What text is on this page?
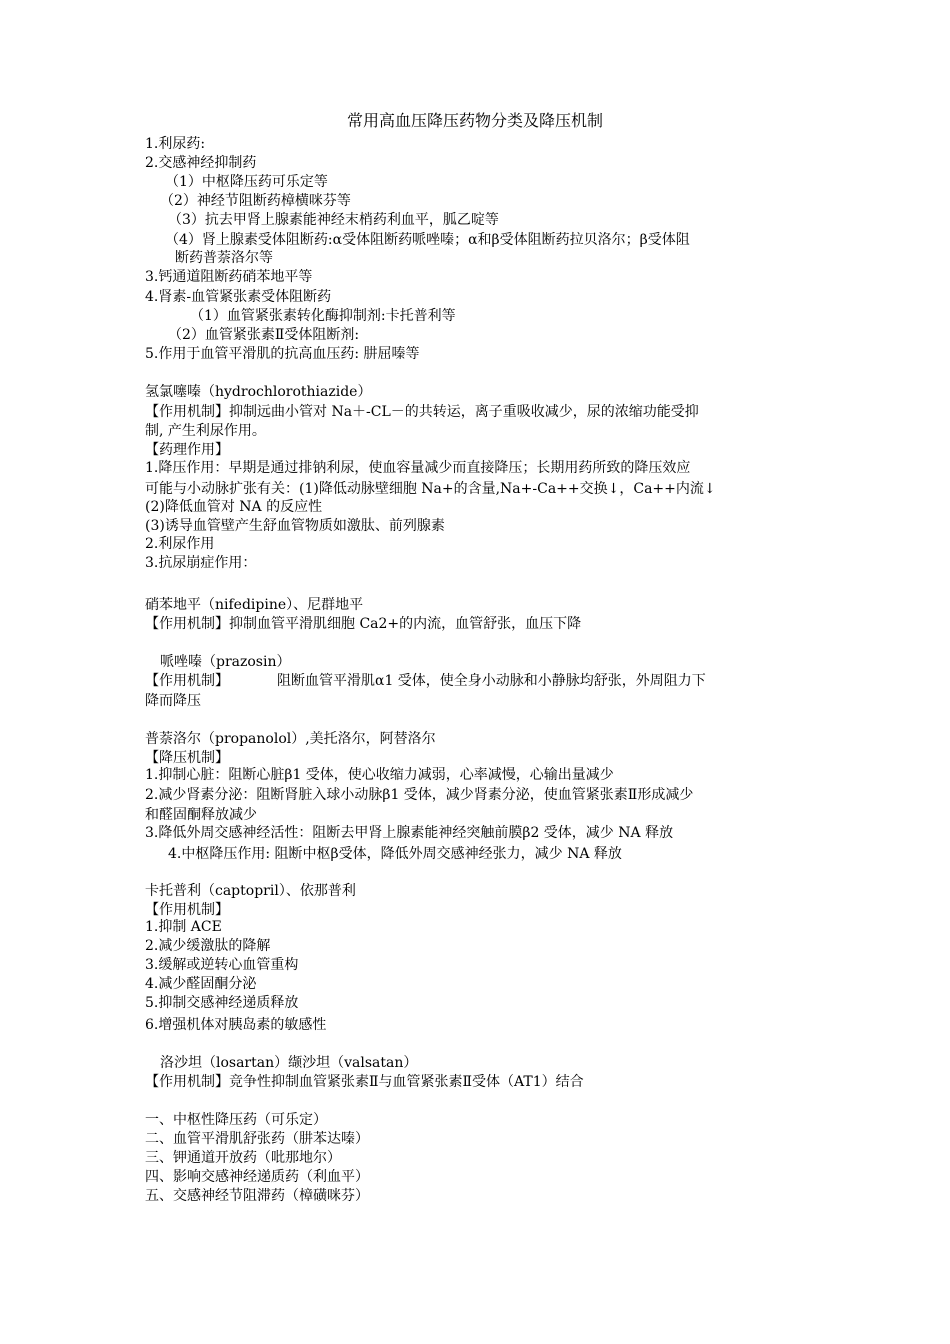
常用高血压降压药物分类及降压机制
1.利尿药:
2.交感神经抑制药
（1）中枢降压药可乐定等
（2）神经节阻断药樟横咪芬等
（3）抗去甲肾上腺素能神经末梢药利血平，胍乙啶等
（4）肾上腺素受体阻断药:α受体阻断药哌唑嗪；α和β受体阻断药拉贝洛尔；β受体阻
断药普萘洛尔等
3.钙通道阻断药硝苯地平等
4.肾素-血管紧张素受体阻断药
（1）血管紧张素转化酶抑制剂:卡托普利等
（2）血管紧张素Ⅱ受体阻断剂:
5.作用于血管平滑肌的抗高血压药: 肼屈嗪等
氢氯噻嗪（hydrochlorothiazide）
【作用机制】抑制远曲小管对 Na＋-CL－的共转运，离子重吸收减少，尿的浓缩功能受抑
制, 产生利尿作用。
【药理作用】
1.降压作用：早期是通过排钠利尿，使血容量减少而直接降压；长期用药所致的降压效应
可能与小动脉扩张有关：(1)降低动脉壁细胞 Na+的含量,Na+-Ca++交换↓，Ca++内流↓
(2)降低血管对 NA 的反应性
(3)诱导血管壁产生舒血管物质如激肽、前列腺素
2.利尿作用
3.抗尿崩症作用：
硝苯地平（nifedipine）、尼群地平
【作用机制】抑制血管平滑肌细胞 Ca2+的内流，血管舒张，血压下降
哌唑嗪（prazosin）
【作用机制】	阻断血管平滑肌α1 受体，使全身小动脉和小静脉均舒张，外周阻力下
降而降压
普萘洛尔（propanolol）,美托洛尔，阿替洛尔
【降压机制】
1.抑制心脏：阻断心脏β1 受体，使心收缩力减弱，心率减慢，心输出量减少
2.减少肾素分泌：阻断肾脏入球小动脉β1 受体，减少肾素分泌，使血管紧张素Ⅱ形成减少
和醛固酮释放减少
3.降低外周交感神经活性：阻断去甲肾上腺素能神经突触前膜β2 受体，减少 NA 释放
4.中枢降压作用: 阻断中枢β受体，降低外周交感神经张力，减少 NA 释放
卡托普利（captopril）、依那普利
【作用机制】
1.抑制 ACE
2.减少缓激肽的降解
3.缓解或逆转心血管重构
4.减少醛固酮分泌
5.抑制交感神经递质释放
6.增强机体对胰岛素的敏感性
洛沙坦（losartan）缬沙坦（valsatan）
【作用机制】竞争性抑制血管紧张素Ⅱ与血管紧张素Ⅱ受体（AT1）结合
一、中枢性降压药（可乐定）
二、血管平滑肌舒张药（肼苯达嗪）
三、钾通道开放药（吡那地尔）
四、影响交感神经递质药（利血平）
五、交感神经节阻滞药（樟磺咪芬）
